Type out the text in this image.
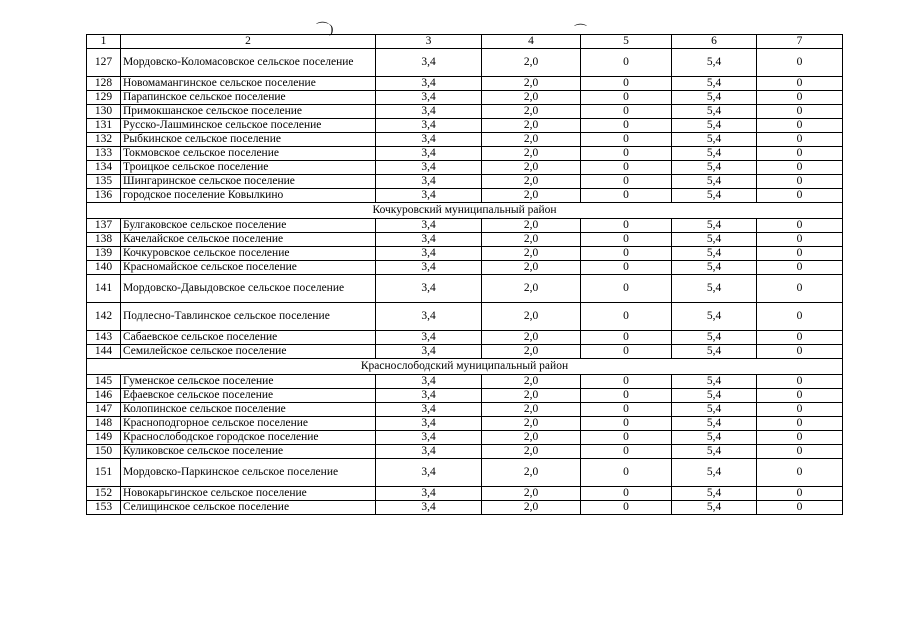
⌒)	⌒
1	2	3	4	5	6	7
127	Мордовско-Коломасовское сельское поселение	3,4	2,0	0	5,4	0
128	Новомамангинское сельское поселение	3,4	2,0	0	5,4	0
129	Парапинское сельское поселение	3,4	2,0	0	5,4	0
130	Примокшанское сельское поселение	3,4	2,0	0	5,4	0
131	Русско-Лашминское сельское поселение	3,4	2,0	0	5,4	0
132	Рыбкинское сельское поселение	3,4	2,0	0	5,4	0
133	Токмовское сельское поселение	3,4	2,0	0	5,4	0
134	Троицкое сельское поселение	3,4	2,0	0	5,4	0
135	Шингаринское сельское поселение	3,4	2,0	0	5,4	0
136	городское поселение Ковылкино	3,4	2,0	0	5,4	0
Кочкуровский муниципальный район						
137	Булгаковское сельское поселение	3,4	2,0	0	5,4	0
138	Качелайское сельское поселение	3,4	2,0	0	5,4	0
139	Кочкуровское сельское поселение	3,4	2,0	0	5,4	0
140	Красномайское сельское поселение	3,4	2,0	0	5,4	0
141	Мордовско-Давыдовское сельское поселение	3,4	2,0	0	5,4	0
142	Подлесно-Тавлинское сельское поселение	3,4	2,0	0	5,4	0
143	Сабаевское сельское поселение	3,4	2,0	0	5,4	0
144	Семилейское сельское поселение	3,4	2,0	0	5,4	0
Краснослободский муниципальный район						
145	Гуменское сельское поселение	3,4	2,0	0	5,4	0
146	Ефаевское сельское поселение	3,4	2,0	0	5,4	0
147	Колопинское сельское поселение	3,4	2,0	0	5,4	0
148	Красноподгорное сельское поселение	3,4	2,0	0	5,4	0
149	Краснослободское городское поселение	3,4	2,0	0	5,4	0
150	Куликовское сельское поселение	3,4	2,0	0	5,4	0
151	Мордовско-Паркинское сельское поселение	3,4	2,0	0	5,4	0
152	Новокарьгинское сельское поселение	3,4	2,0	0	5,4	0
153	Селищинское сельское поселение	3,4	2,0	0	5,4	0
